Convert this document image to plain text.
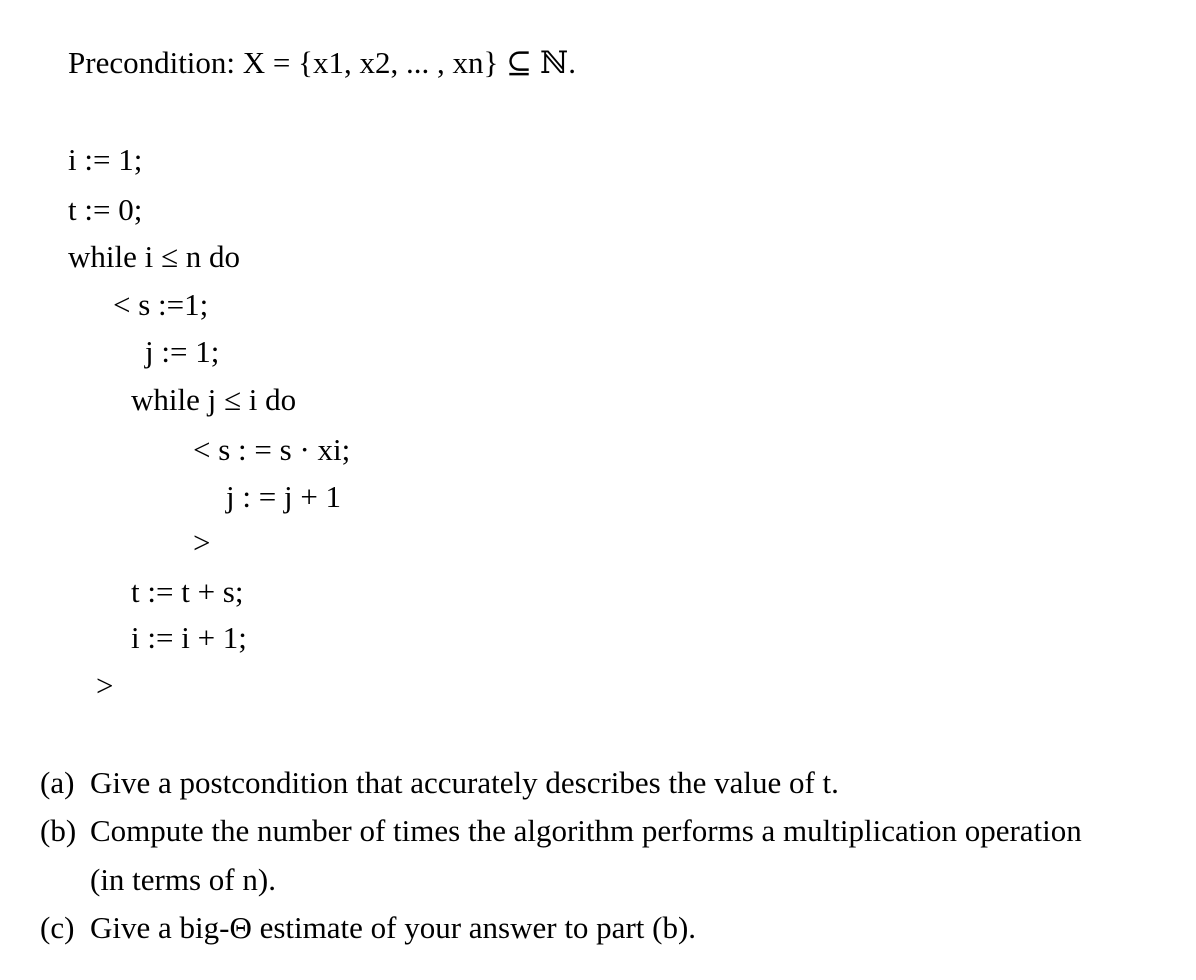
Precondition: X = {x1, x2, ... , xn} ⊆ ℕ.
i := 1;
t := 0;
while i ≤ n do
< s :=1;
j := 1;
while j ≤ i do
< s : = s · xi;
j : = j + 1
>
t := t + s;
i := i + 1;
>
(a) Give a postcondition that accurately describes the value of t.
(b) Compute the number of times the algorithm performs a multiplication operation
(in terms of n).
(c) Give a big-Θ estimate of your answer to part (b).
